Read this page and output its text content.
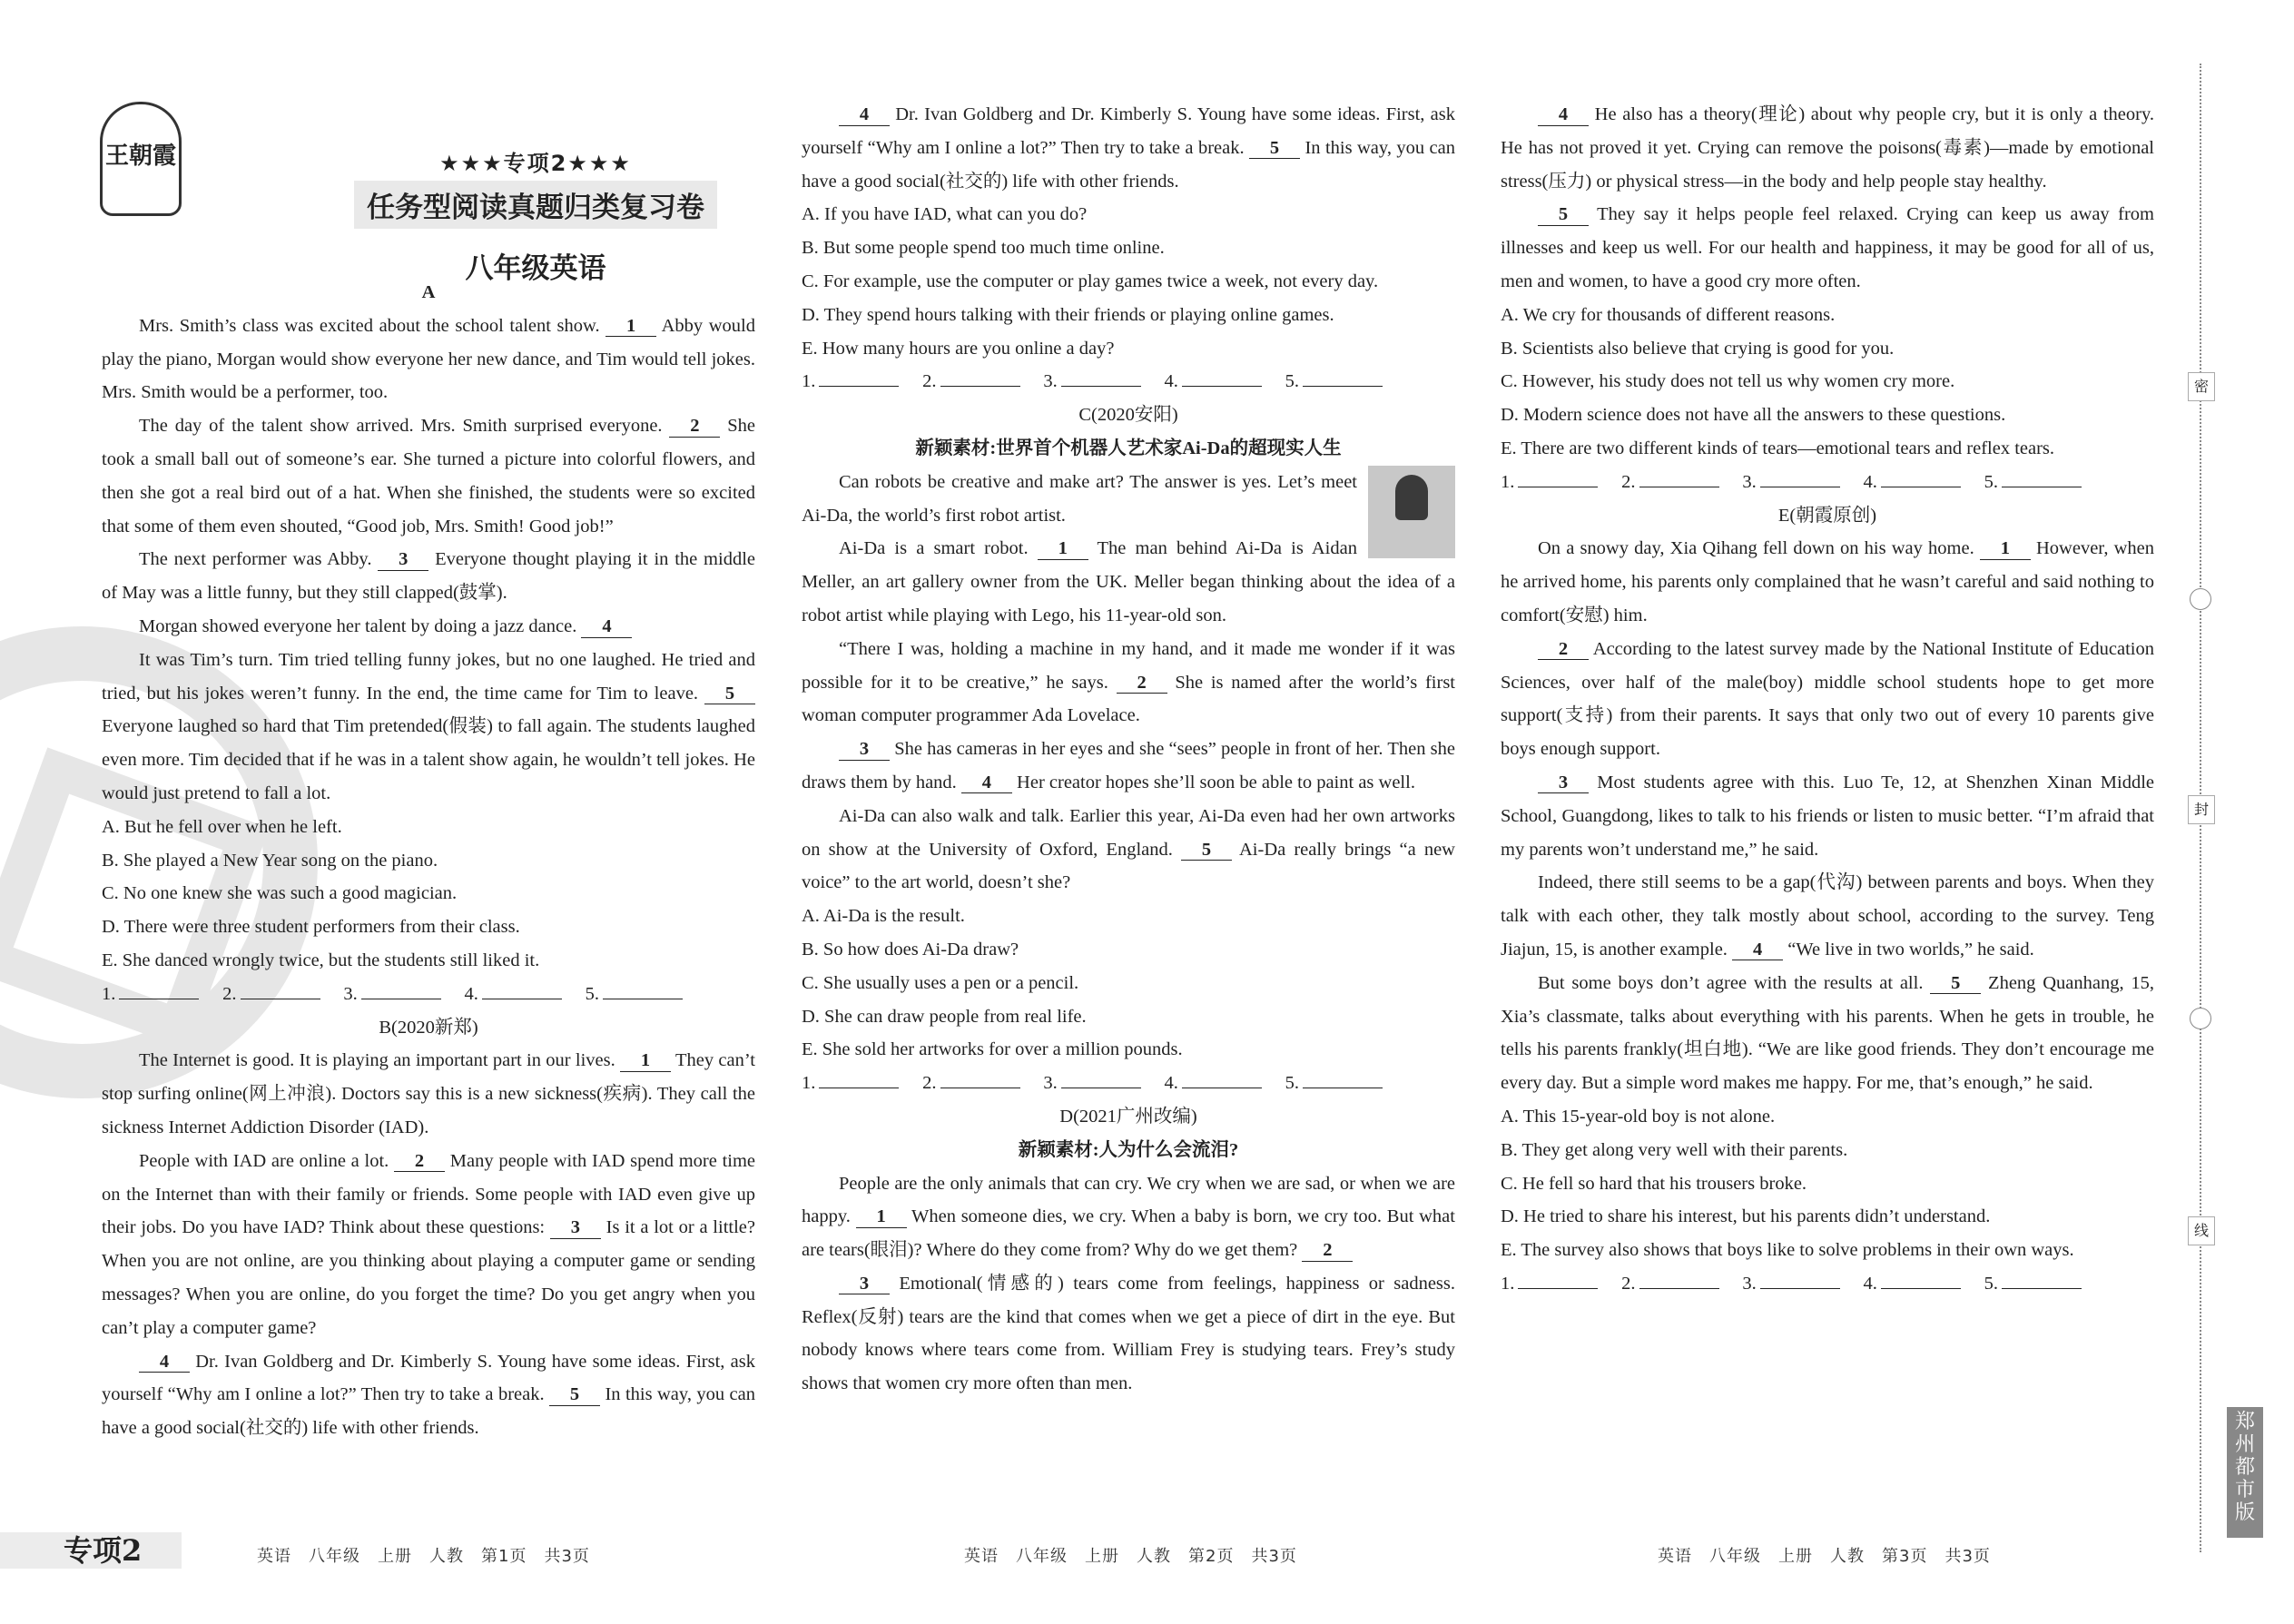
王朝霞	★★★专项2★★★
任务型阅读真题归类复习卷
八年级英语

A

Mrs. Smith’s class was excited about the school talent show. 1 Abby would play the piano, Morgan would show everyone her new dance, and Tim would tell jokes. Mrs. Smith would be a performer, too.

The day of the talent show arrived. Mrs. Smith surprised everyone. 2 She took a small ball out of someone’s ear. She turned a picture into colorful flowers, and then she got a real bird out of a hat. When she finished, the students were so excited that some of them even shouted, “Good job, Mrs. Smith! Good job!”

The next performer was Abby. 3 Everyone thought playing it in the middle of May was a little funny, but they still clapped(鼓掌).

Morgan showed everyone her talent by doing a jazz dance. 4

It was Tim’s turn. Tim tried telling funny jokes, but no one laughed. He tried and tried, but his jokes weren’t funny. In the end, the time came for Tim to leave. 5 Everyone laughed so hard that Tim pretended(假装) to fall again. The students laughed even more. Tim decided that if he was in a talent show again, he wouldn’t tell jokes. He would just pretend to fall a lot.

A. But he fell over when he left.

B. She played a New Year song on the piano.

C. No one knew she was such a good magician.

D. There were three student performers from their class.

E. She danced wrongly twice, but the students still liked it.

1.	2.	3.	4.	5.

B(2020新郑)

The Internet is good. It is playing an important part in our lives. 1 They can’t stop surfing online(网上冲浪). Doctors say this is a new sickness(疾病). They call the sickness Internet Addiction Disorder (IAD).

People with IAD are online a lot. 2 Many people with IAD spend more time on the Internet than with their family or friends. Some people with IAD even give up their jobs. Do you have IAD? Think about these questions: 3 Is it a lot or a little? When you are not online, are you thinking about playing a computer game or sending messages? When you are online, do you forget the time? Do you get angry when you can’t play a computer game?

4 Dr. Ivan Goldberg and Dr. Kimberly S. Young have some ideas. First, ask yourself “Why am I online a lot?” Then try to take a break. 5 In this way, you can have a good social(社交的) life with other friends.

4 Dr. Ivan Goldberg and Dr. Kimberly S. Young have some ideas. First, ask yourself “Why am I online a lot?” Then try to take a break. 5 In this way, you can have a good social(社交的) life with other friends.

A. If you have IAD, what can you do?

B. But some people spend too much time online.

C. For example, use the computer or play games twice a week, not every day.

D. They spend hours talking with their friends or playing online games.

E. How many hours are you online a day?

1.	2.	3.	4.	5.

C(2020安阳)

新颖素材:世界首个机器人艺术家Ai-Da的超现实人生

Can robots be creative and make art? The answer is yes. Let’s meet Ai-Da, the world’s first robot artist.

Ai-Da is a smart robot. 1 The man behind Ai-Da is Aidan Meller, an art gallery owner from the UK. Meller began thinking about the idea of a robot artist while playing with Lego, his 11-year-old son.

“There I was, holding a machine in my hand, and it made me wonder if it was possible for it to be creative,” he says. 2 She is named after the world’s first woman computer programmer Ada Lovelace.

3 She has cameras in her eyes and she “sees” people in front of her. Then she draws them by hand. 4 Her creator hopes she’ll soon be able to paint as well.

Ai-Da can also walk and talk. Earlier this year, Ai-Da even had her own artworks on show at the University of Oxford, England. 5 Ai-Da really brings “a new voice” to the art world, doesn’t she?

A. Ai-Da is the result.

B. So how does Ai-Da draw?

C. She usually uses a pen or a pencil.

D. She can draw people from real life.

E. She sold her artworks for over a million pounds.

1.	2.	3.	4.	5.

D(2021广州改编)

新颖素材:人为什么会流泪?

People are the only animals that can cry. We cry when we are sad, or when we are happy. 1 When someone dies, we cry. When a baby is born, we cry too. But what are tears(眼泪)? Where do they come from? Why do we get them? 2

3 Emotional(情感的) tears come from feelings, happiness or sadness. Reflex(反射) tears are the kind that comes when we get a piece of dirt in the eye. But nobody knows where tears come from. William Frey is studying tears. Frey’s study shows that women cry more often than men.

4 He also has a theory(理论) about why people cry, but it is only a theory. He has not proved it yet. Crying can remove the poisons(毒素)—made by emotional stress(压力) or physical stress—in the body and help people stay healthy.

5 They say it helps people feel relaxed. Crying can keep us away from illnesses and keep us well. For our health and happiness, it may be good for all of us, men and women, to have a good cry more often.

A. We cry for thousands of different reasons.

B. Scientists also believe that crying is good for you.

C. However, his study does not tell us why women cry more.

D. Modern science does not have all the answers to these questions.

E. There are two different kinds of tears—emotional tears and reflex tears.

1.	2.	3.	4.	5.

E(朝霞原创)

On a snowy day, Xia Qihang fell down on his way home. 1 However, when he arrived home, his parents only complained that he wasn’t careful and said nothing to comfort(安慰) him.

2 According to the latest survey made by the National Institute of Education Sciences, over half of the male(boy) middle school students hope to get more support(支持) from their parents. It says that only two out of every 10 parents give boys enough support.

3 Most students agree with this. Luo Te, 12, at Shenzhen Xinan Middle School, Guangdong, likes to talk to his friends or listen to music better. “I’m afraid that my parents won’t understand me,” he said.

Indeed, there still seems to be a gap(代沟) between parents and boys. When they talk with each other, they talk mostly about school, according to the survey. Teng Jiajun, 15, is another example. 4 “We live in two worlds,” he said.

But some boys don’t agree with the results at all. 5 Zheng Quanhang, 15, Xia’s classmate, talks about everything with his parents. When he gets in trouble, he tells his parents frankly(坦白地). “We are like good friends. They don’t encourage me every day. But a simple word makes me happy. For me, that’s enough,” he said.

A. This 15-year-old boy is not alone.

B. They get along very well with their parents.

C. He fell so hard that his trousers broke.

D. He tried to share his interest, but his parents didn’t understand.

E. The survey also shows that boys like to solve problems in their own ways.

1.	2.	3.	4.	5.
专项2	英语　八年级　上册　人教　第1页　共3页	英语　八年级　上册　人教　第2页　共3页	英语　八年级　上册　人教　第3页　共3页
密
封
线
郑州都市版
